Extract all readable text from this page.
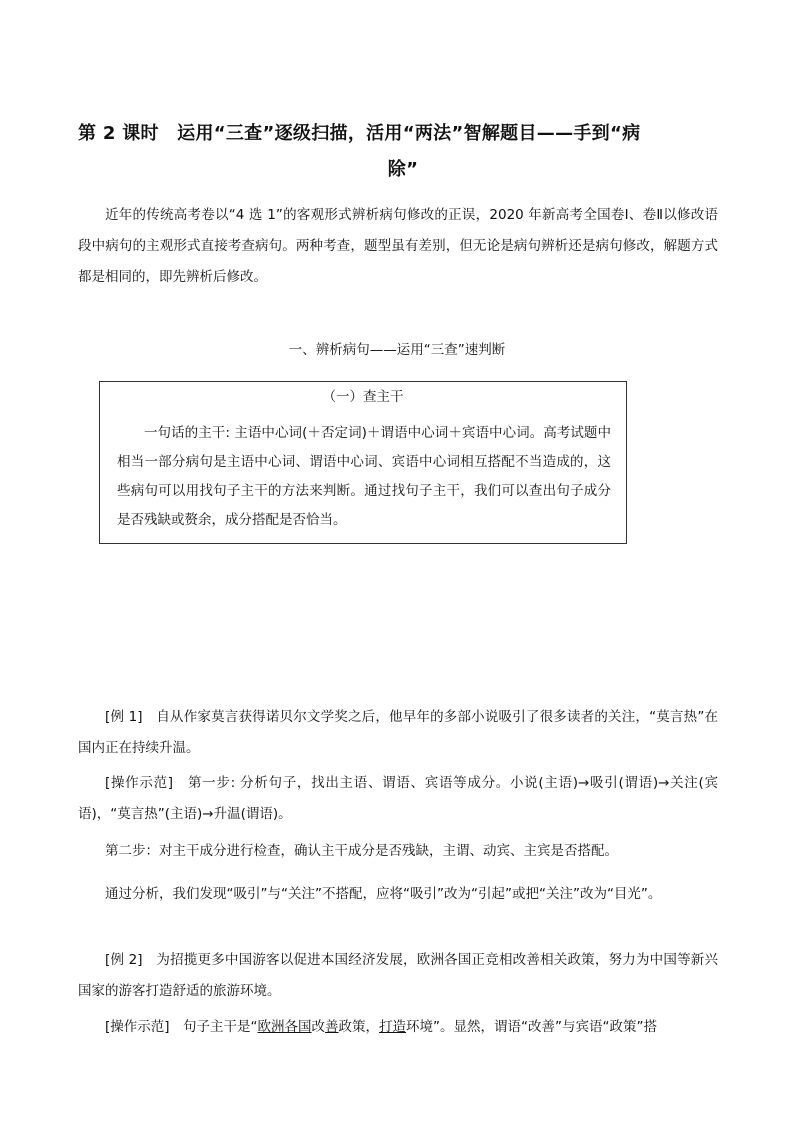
第 2 课时　运用“三查”逐级扫描，活用“两法”智解题目——手到“病
除”
近年的传统高考卷以“4 选 1”的客观形式辨析病句修改的正误，2020 年新高考全国卷Ⅰ、卷Ⅱ以修改语段中病句的主观形式直接考查病句。两种考查，题型虽有差别，但无论是病句辨析还是病句修改，解题方式都是相同的，即先辨析后修改。
一、辨析病句——运用“三查”速判断
（一）查主干
一句话的主干: 主语中心词(＋否定词)＋谓语中心词＋宾语中心词。高考试题中相当一部分病句是主语中心词、谓语中心词、宾语中心词相互搭配不当造成的，这些病句可以用找句子主干的方法来判断。通过找句子主干，我们可以查出句子成分是否残缺或赘余，成分搭配是否恰当。
[例 1]　自从作家莫言获得诺贝尔文学奖之后，他早年的多部小说吸引了很多读者的关注，“莫言热”在国内正在持续升温。
[操作示范]　第一步: 分析句子，找出主语、谓语、宾语等成分。小说(主语)→吸引(谓语)→关注(宾语)，“莫言热”(主语)→升温(谓语)。
第二步：对主干成分进行检查，确认主干成分是否残缺，主谓、动宾、主宾是否搭配。
通过分析，我们发现“吸引”与“关注”不搭配，应将“吸引”改为“引起”或把“关注”改为“目光”。
[例 2]　为招揽更多中国游客以促进本国经济发展，欧洲各国正竞相改善相关政策，努力为中国等新兴国家的游客打造舒适的旅游环境。
[操作示范]　句子主干是“欧洲各国改善政策，打造环境”。显然，谓语“改善”与宾语“政策”搭
